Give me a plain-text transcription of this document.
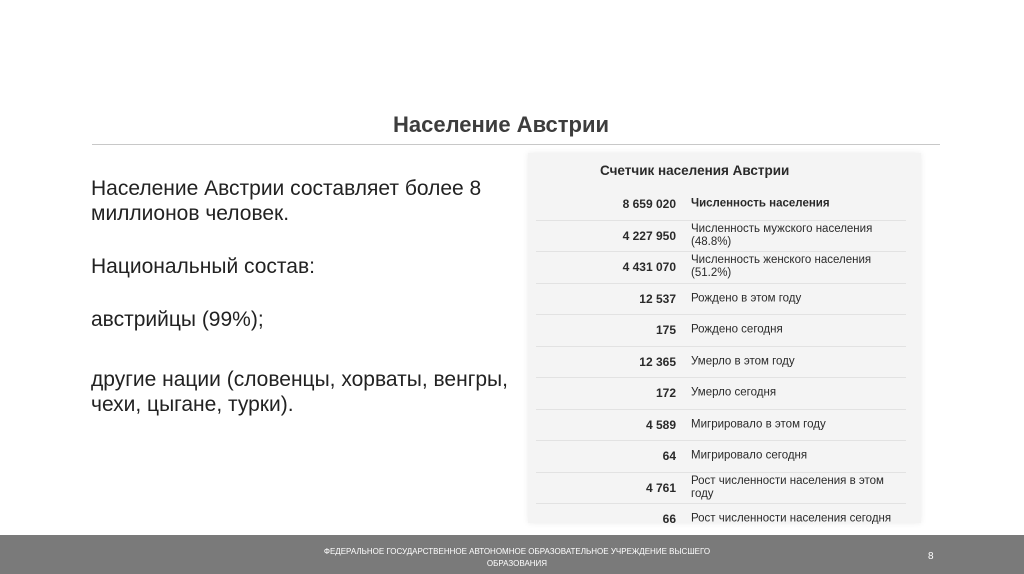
Население Австрии

Население Австрии составляет более 8 миллионов человек.

Национальный состав:

австрийцы (99%);

другие нации (словенцы, хорваты, венгры, чехи, цыгане, турки).

Счетчик населения Австрии
8 659 020 Численность населения
4 227 950 Численность мужского населения (48.8%)
4 431 070 Численность женского населения (51.2%)
12 537 Рождено в этом году
175 Рождено сегодня
12 365 Умерло в этом году
172 Умерло сегодня
4 589 Мигрировало в этом году
64 Мигрировало сегодня
4 761 Рост численности населения в этом году
66 Рост численности населения сегодня
ФЕДЕРАЛЬНОЕ ГОСУДАРСТВЕННОЕ АВТОНОМНОЕ ОБРАЗОВАТЕЛЬНОЕ УЧРЕЖДЕНИЕ ВЫСШЕГО ОБРАЗОВАНИЯ
8
